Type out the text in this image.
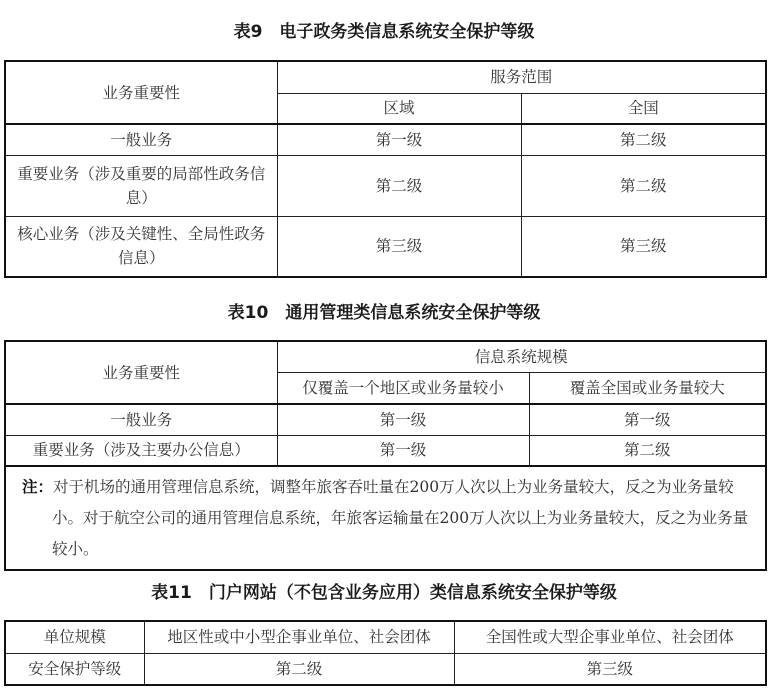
表9　电子政务类信息系统安全保护等级
业务重要性	服务范围	
	区域	全国
一般业务	第一级	第二级
重要业务（涉及重要的局部性政务信息）	第二级	第二级
核心业务（涉及关键性、全局性政务信息）	第三级	第三级
表10　通用管理类信息系统安全保护等级
业务重要性	信息系统规模	
	仅覆盖一个地区或业务量较小	覆盖全国或业务量较大
一般业务	第一级	第一级
重要业务（涉及主要办公信息）	第一级	第二级
注：对于机场的通用管理信息系统，调整年旅客吞吐量在200万人次以上为业务量较大，反之为业务量较小。对于航空公司的通用管理信息系统，年旅客运输量在200万人次以上为业务量较大，反之为业务量较小。		
表11　门户网站（不包含业务应用）类信息系统安全保护等级
单位规模	地区性或中小型企事业单位、社会团体	全国性或大型企事业单位、社会团体
安全保护等级	第二级	第三级
